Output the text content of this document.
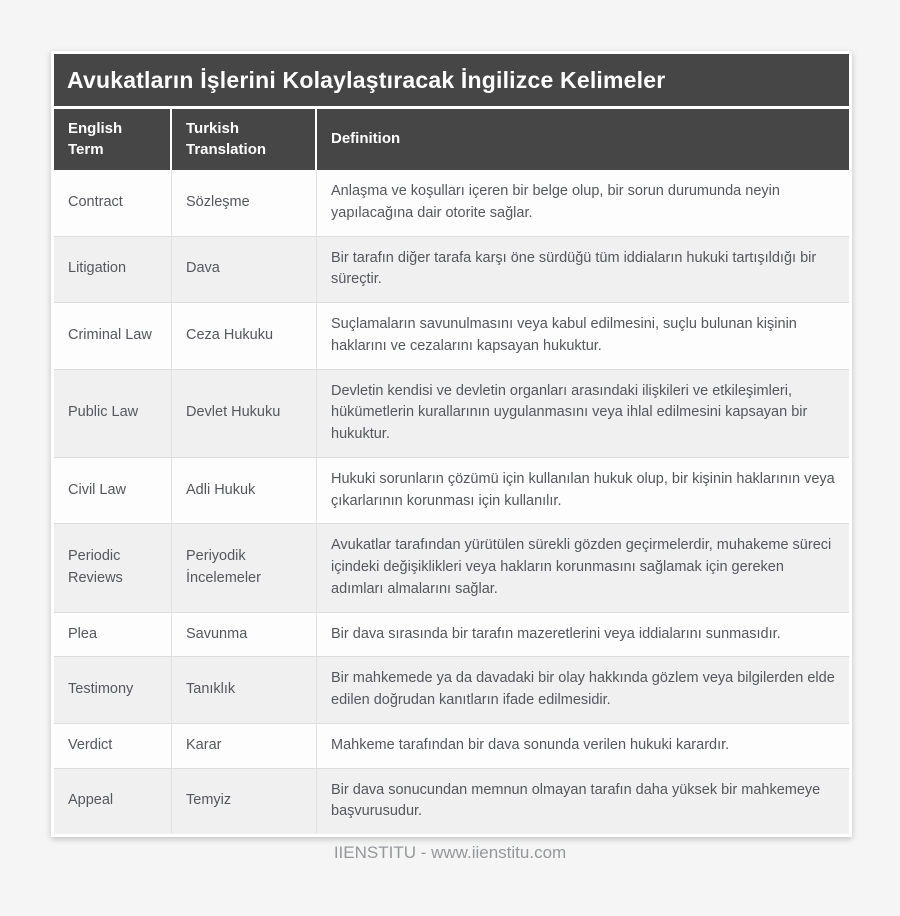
Avukatların İşlerini Kolaylaştıracak İngilizce Kelimeler
English Term	Turkish Translation	Definition
Contract	Sözleşme	Anlaşma ve koşulları içeren bir belge olup, bir sorun durumunda neyin yapılacağına dair otorite sağlar.
Litigation	Dava	Bir tarafın diğer tarafa karşı öne sürdüğü tüm iddiaların hukuki tartışıldığı bir süreçtir.
Criminal Law	Ceza Hukuku	Suçlamaların savunulmasını veya kabul edilmesini, suçlu bulunan kişinin haklarını ve cezalarını kapsayan hukuktur.
Public Law	Devlet Hukuku	Devletin kendisi ve devletin organları arasındaki ilişkileri ve etkileşimleri, hükümetlerin kurallarının uygulanmasını veya ihlal edilmesini kapsayan bir hukuktur.
Civil Law	Adli Hukuk	Hukuki sorunların çözümü için kullanılan hukuk olup, bir kişinin haklarının veya çıkarlarının korunması için kullanılır.
Periodic Reviews	Periyodik İncelemeler	Avukatlar tarafından yürütülen sürekli gözden geçirmelerdir, muhakeme süreci içindeki değişiklikleri veya hakların korunmasını sağlamak için gereken adımları almalarını sağlar.
Plea	Savunma	Bir dava sırasında bir tarafın mazeretlerini veya iddialarını sunmasıdır.
Testimony	Tanıklık	Bir mahkemede ya da davadaki bir olay hakkında gözlem veya bilgilerden elde edilen doğrudan kanıtların ifade edilmesidir.
Verdict	Karar	Mahkeme tarafından bir dava sonunda verilen hukuki karardır.
Appeal	Temyiz	Bir dava sonucundan memnun olmayan tarafın daha yüksek bir mahkemeye başvurusudur.
IIENSTITU - www.iienstitu.com
